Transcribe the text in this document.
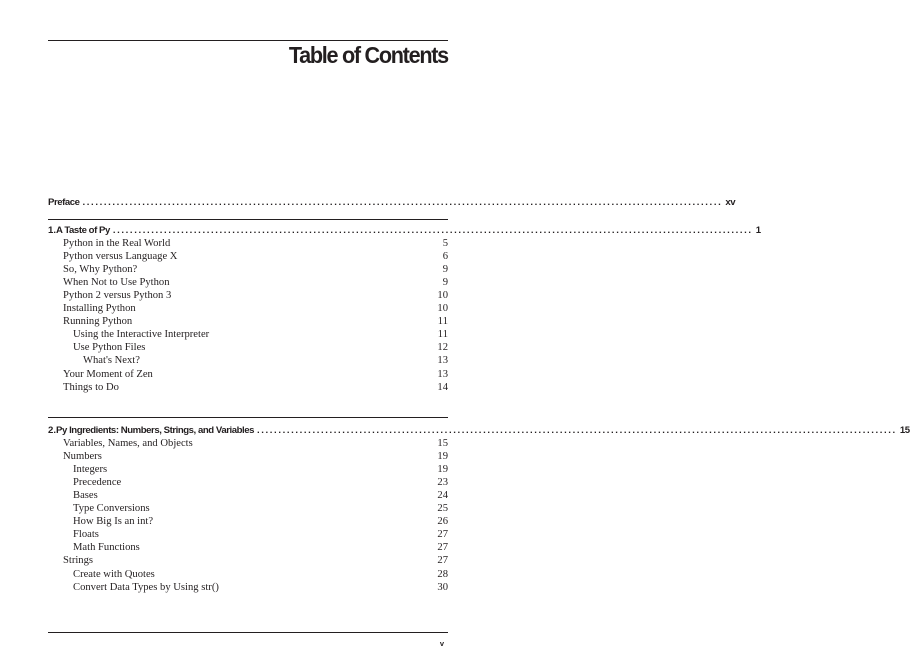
Table of Contents
Preface ...................................................................................................................................................... xv
1. A Taste of Py ...................................................................................................................................................... 1
Python in the Real World	5
Python versus Language X	6
So, Why Python?	9
When Not to Use Python	9
Python 2 versus Python 3	10
Installing Python	10
Running Python	11
Using the Interactive Interpreter	11
Use Python Files	12
What's Next?	13
Your Moment of Zen	13
Things to Do	14
2. Py Ingredients: Numbers, Strings, and Variables ...................................................................................................................................................... 15
Variables, Names, and Objects	15
Numbers	19
Integers	19
Precedence	23
Bases	24
Type Conversions	25
How Big Is an int?	26
Floats	27
Math Functions	27
Strings	27
Create with Quotes	28
Convert Data Types by Using str()	30
v
